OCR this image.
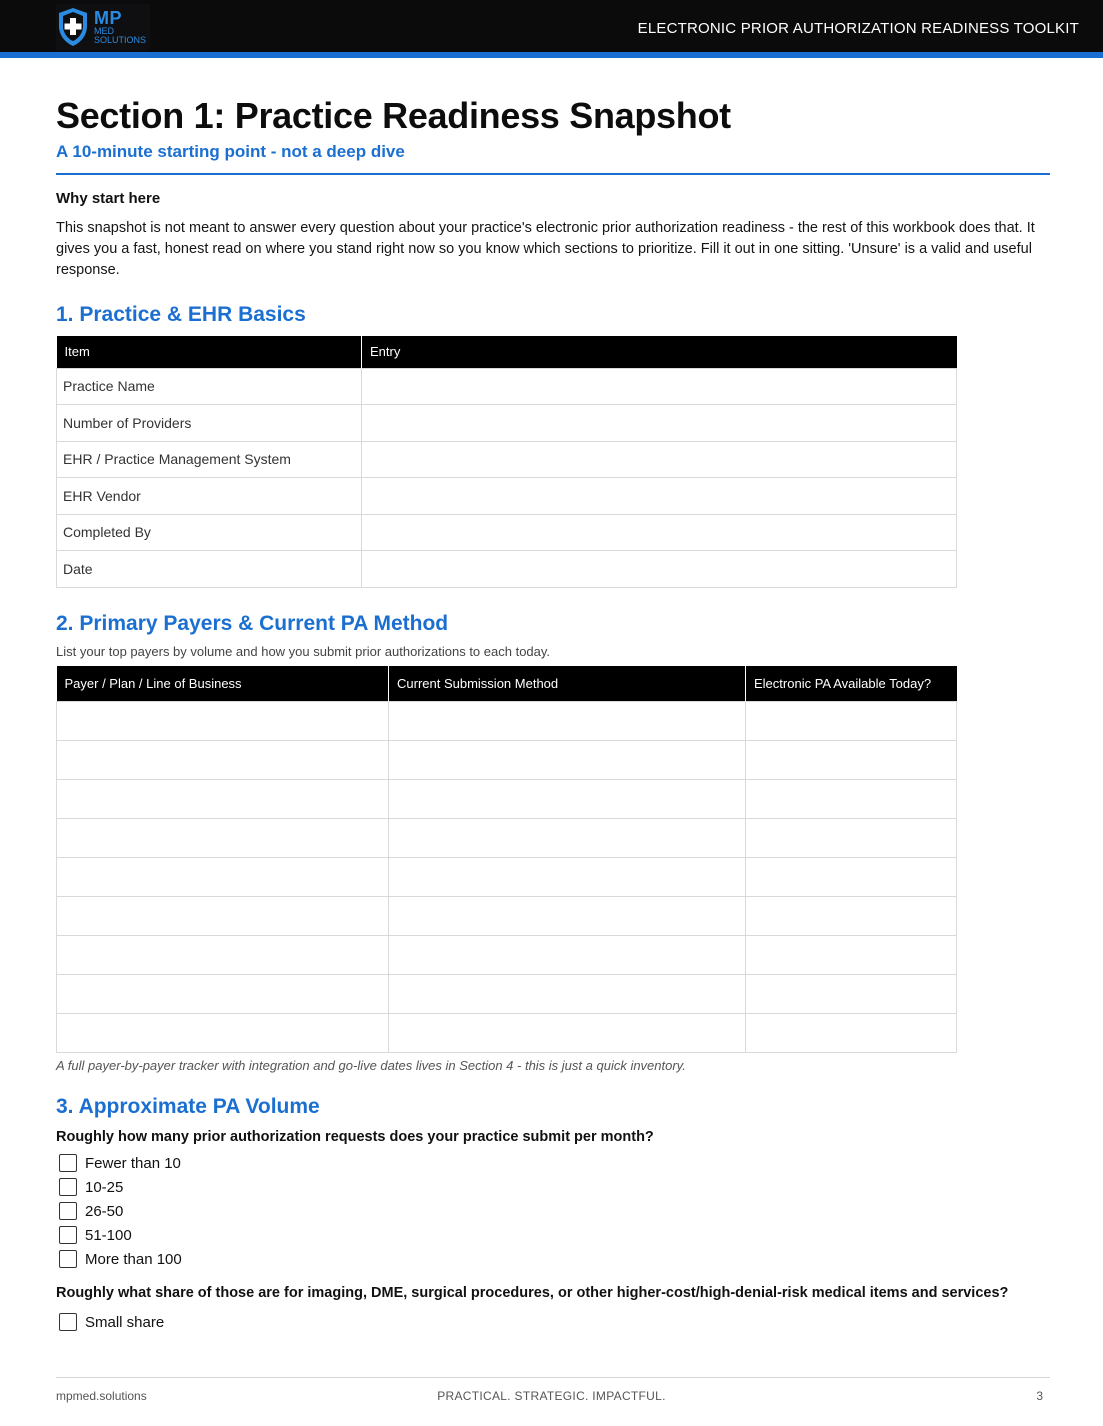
MP
MED
SOLUTIONS
ELECTRONIC PRIOR AUTHORIZATION READINESS TOOLKIT
Section 1: Practice Readiness Snapshot
A 10-minute starting point - not a deep dive
Why start here

This snapshot is not meant to answer every question about your practice's electronic prior authorization readiness - the rest of this workbook does that. It gives you a fast, honest read on where you stand right now so you know which sections to prioritize. Fill it out in one sitting. 'Unsure' is a valid and useful response.

1. Practice & EHR Basics
Item	Entry
Practice Name	
Number of Providers	
EHR / Practice Management System	
EHR Vendor	
Completed By	
Date	
2. Primary Payers & Current PA Method
List your top payers by volume and how you submit prior authorizations to each today.
Payer / Plan / Line of Business	Current Submission Method	Electronic PA Available Today?

A full payer-by-payer tracker with integration and go-live dates lives in Section 4 - this is just a quick inventory.
3. Approximate PA Volume
Roughly how many prior authorization requests does your practice submit per month?
Fewer than 10
10-25
26-50
51-100
More than 100
Roughly what share of those are for imaging, DME, surgical procedures, or other higher-cost/high-denial-risk medical items and services?
Small share
mpmed.solutions	PRACTICAL. STRATEGIC. IMPACTFUL.	3
